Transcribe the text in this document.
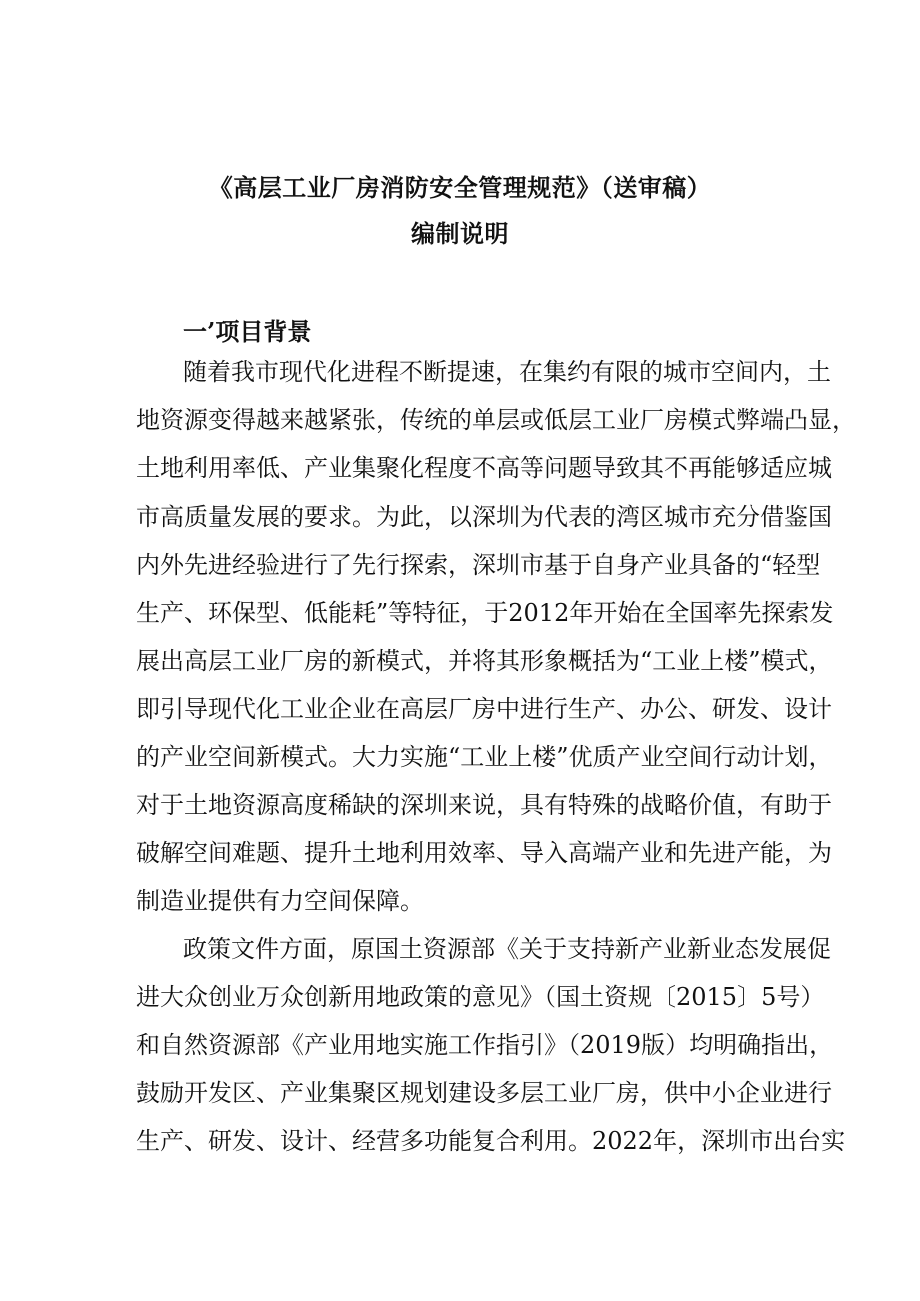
《高层工业厂房消防安全管理规范》（送审稿）
编制说明
一’项目背景
随着我市现代化进程不断提速，在集约有限的城市空间内，土
地资源变得越来越紧张，传统的单层或低层工业厂房模式弊端凸显，
土地利用率低、产业集聚化程度不高等问题导致其不再能够适应城
市高质量发展的要求。为此，以深圳为代表的湾区城市充分借鉴国
内外先进经验进行了先行探索，深圳市基于自身产业具备的“轻型
生产、环保型、低能耗”等特征，于2012年开始在全国率先探索发
展出高层工业厂房的新模式，并将其形象概括为“工业上楼”模式，
即引导现代化工业企业在高层厂房中进行生产、办公、研发、设计
的产业空间新模式。大力实施“工业上楼”优质产业空间行动计划，
对于土地资源高度稀缺的深圳来说，具有特殊的战略价值，有助于
破解空间难题、提升土地利用效率、导入高端产业和先进产能，为
制造业提供有力空间保障。
政策文件方面，原国土资源部《关于支持新产业新业态发展促
进大众创业万众创新用地政策的意见》（国土资规〔2015〕5号）
和自然资源部《产业用地实施工作指引》（2019版）均明确指出，
鼓励开发区、产业集聚区规划建设多层工业厂房，供中小企业进行
生产、研发、设计、经营多功能复合利用。2022年，深圳市出台实
